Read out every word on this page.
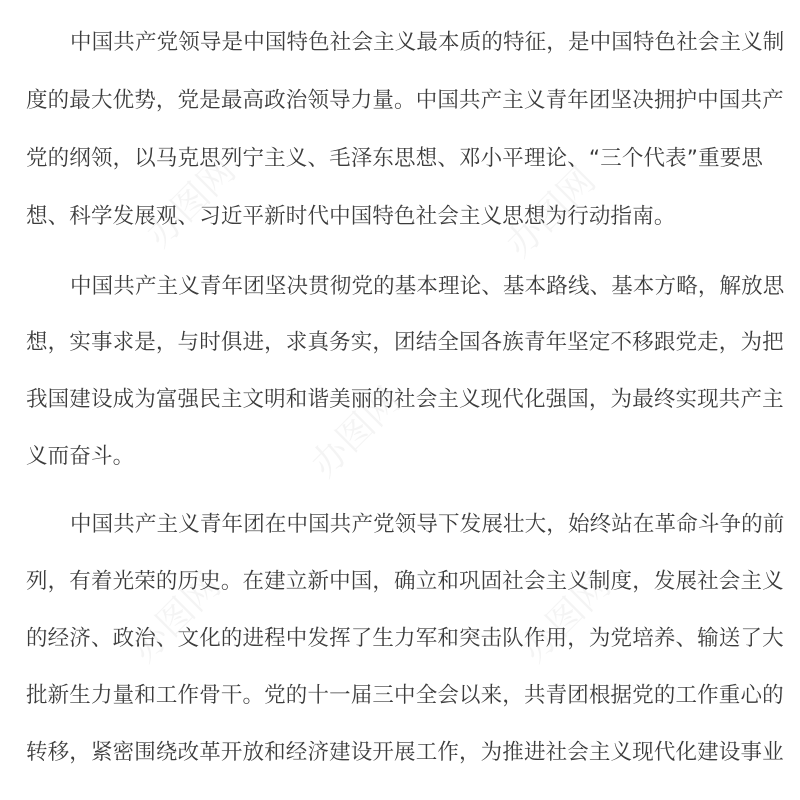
中国共产党领导是中国特色社会主义最本质的特征，是中国特色社会主义制
度的最大优势，党是最高政治领导力量。中国共产主义青年团坚决拥护中国共产
党的纲领，以马克思列宁主义、毛泽东思想、邓小平理论、“三个代表”重要思
想、科学发展观、习近平新时代中国特色社会主义思想为行动指南。
中国共产主义青年团坚决贯彻党的基本理论、基本路线、基本方略，解放思
想，实事求是，与时俱进，求真务实，团结全国各族青年坚定不移跟党走，为把
我国建设成为富强民主文明和谐美丽的社会主义现代化强国，为最终实现共产主
义而奋斗。
中国共产主义青年团在中国共产党领导下发展壮大，始终站在革命斗争的前
列，有着光荣的历史。在建立新中国，确立和巩固社会主义制度，发展社会主义
的经济、政治、文化的进程中发挥了生力军和突击队作用，为党培养、输送了大
批新生力量和工作骨干。党的十一届三中全会以来，共青团根据党的工作重心的
转移，紧密围绕改革开放和经济建设开展工作，为推进社会主义现代化建设事业
办图网	办图网
办图网
办图网	办图网
